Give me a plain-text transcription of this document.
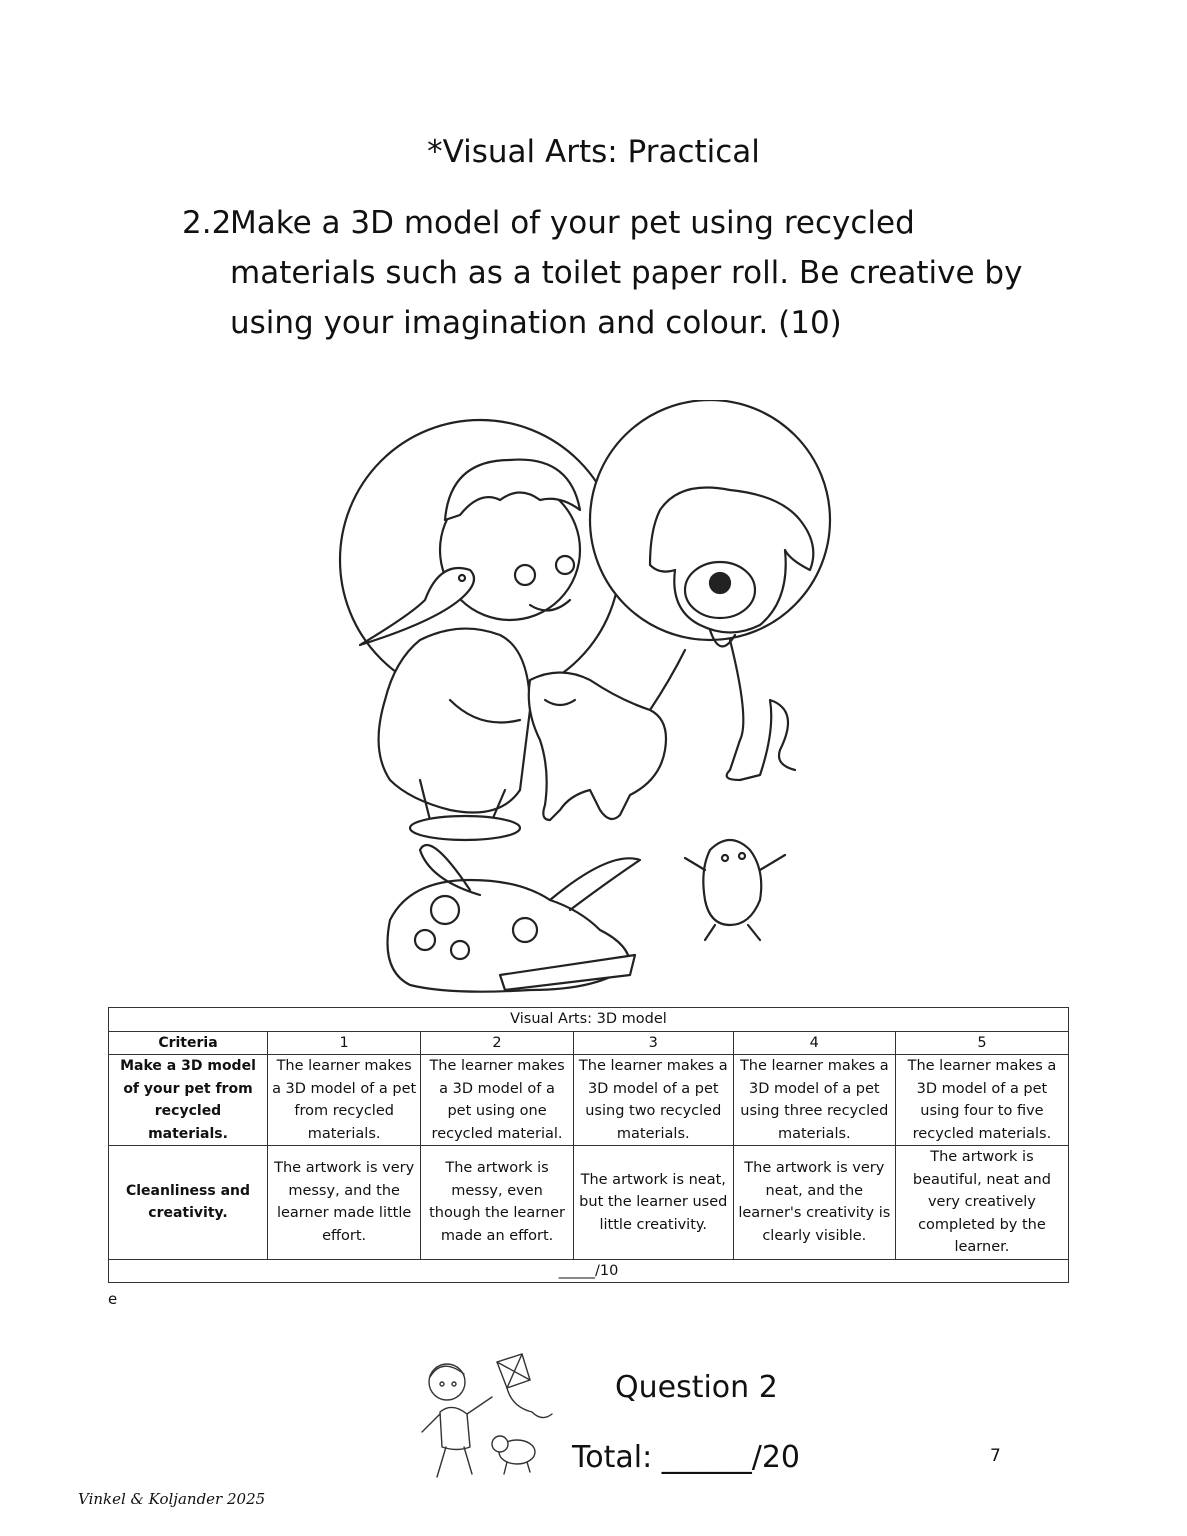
*Visual Arts: Practical
2.2
Make a 3D model of your pet using recycled materials such as a toilet paper roll. Be creative by using your imagination and colour. (10)
Visual Arts: 3D model					
Criteria	1	2	3	4	5
Make a 3D model of your pet from recycled materials.	The learner makes a 3D model of a pet from recycled materials.	The learner makes a 3D model of a pet using one recycled material.	The learner makes a 3D model of a pet using two recycled materials.	The learner makes a 3D model of a pet using three recycled materials.	The learner makes a 3D model of a pet using four to five recycled materials.
Cleanliness and creativity.	The artwork is very messy, and the learner made little effort.	The artwork is messy, even though the learner made an effort.	The artwork is neat, but the learner used little creativity.	The artwork is very neat, and the learner's creativity is clearly visible.	The artwork is beautiful, neat and very creatively completed by the learner.
_____/10					
e
Question 2
Total: ______/20	7
Vinkel & Koljander 2025
